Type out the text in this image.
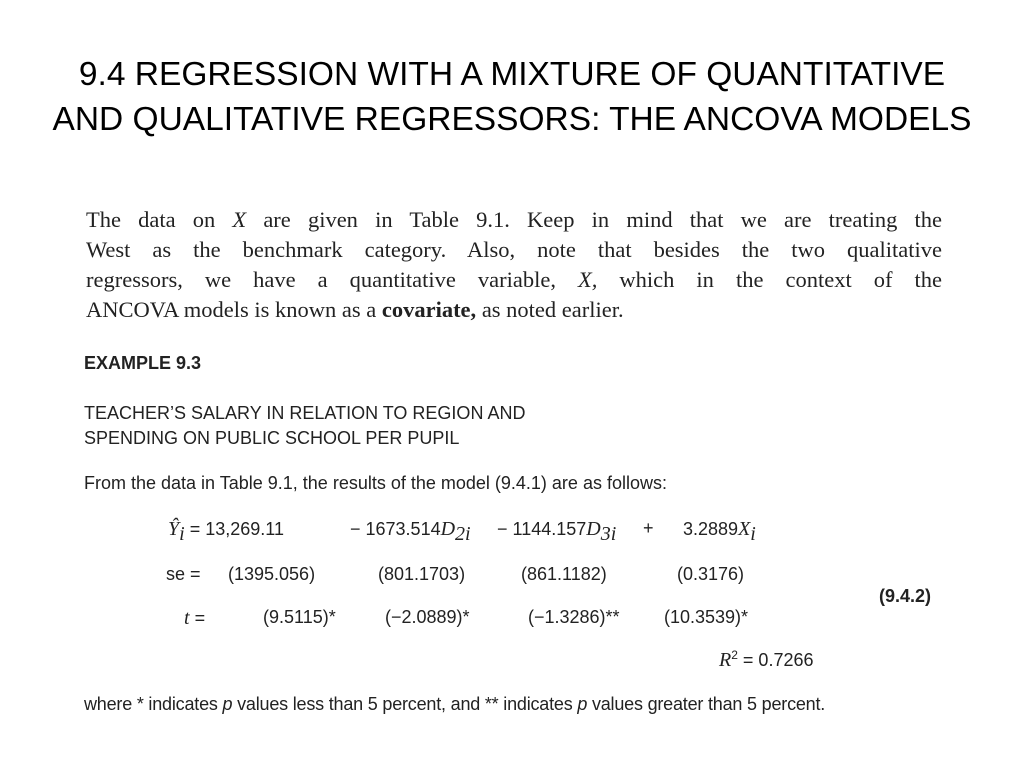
9.4 REGRESSION WITH A MIXTURE OF QUANTITATIVE
AND QUALITATIVE REGRESSORS: THE ANCOVA MODELS
The data on X are given in Table 9.1. Keep in mind that we are treating the
West as the benchmark category. Also, note that besides the two qualitative
regressors, we have a quantitative variable, X, which in the context of the
ANCOVA models is known as a covariate, as noted earlier.
EXAMPLE 9.3
TEACHER’S SALARY IN RELATION TO REGION AND
SPENDING ON PUBLIC SCHOOL PER PUPIL
From the data in Table 9.1, the results of the model (9.4.1) are as follows:
$Ŷ_i = 13,269.11$	− $1673.514D_{2i} - 1144.157D_{3i} + 3.2889X_i$
se = (1395.056)	(801.1703)	(861.1182)	(0.3176)
t =	(9.5115)*	(−2.0889)*	(−1.3286)** (10.3539)*
(9.4.2)
$R^2 = 0.7266$
where * indicates p values less than 5 percent, and ** indicates p values greater than 5 percent.
